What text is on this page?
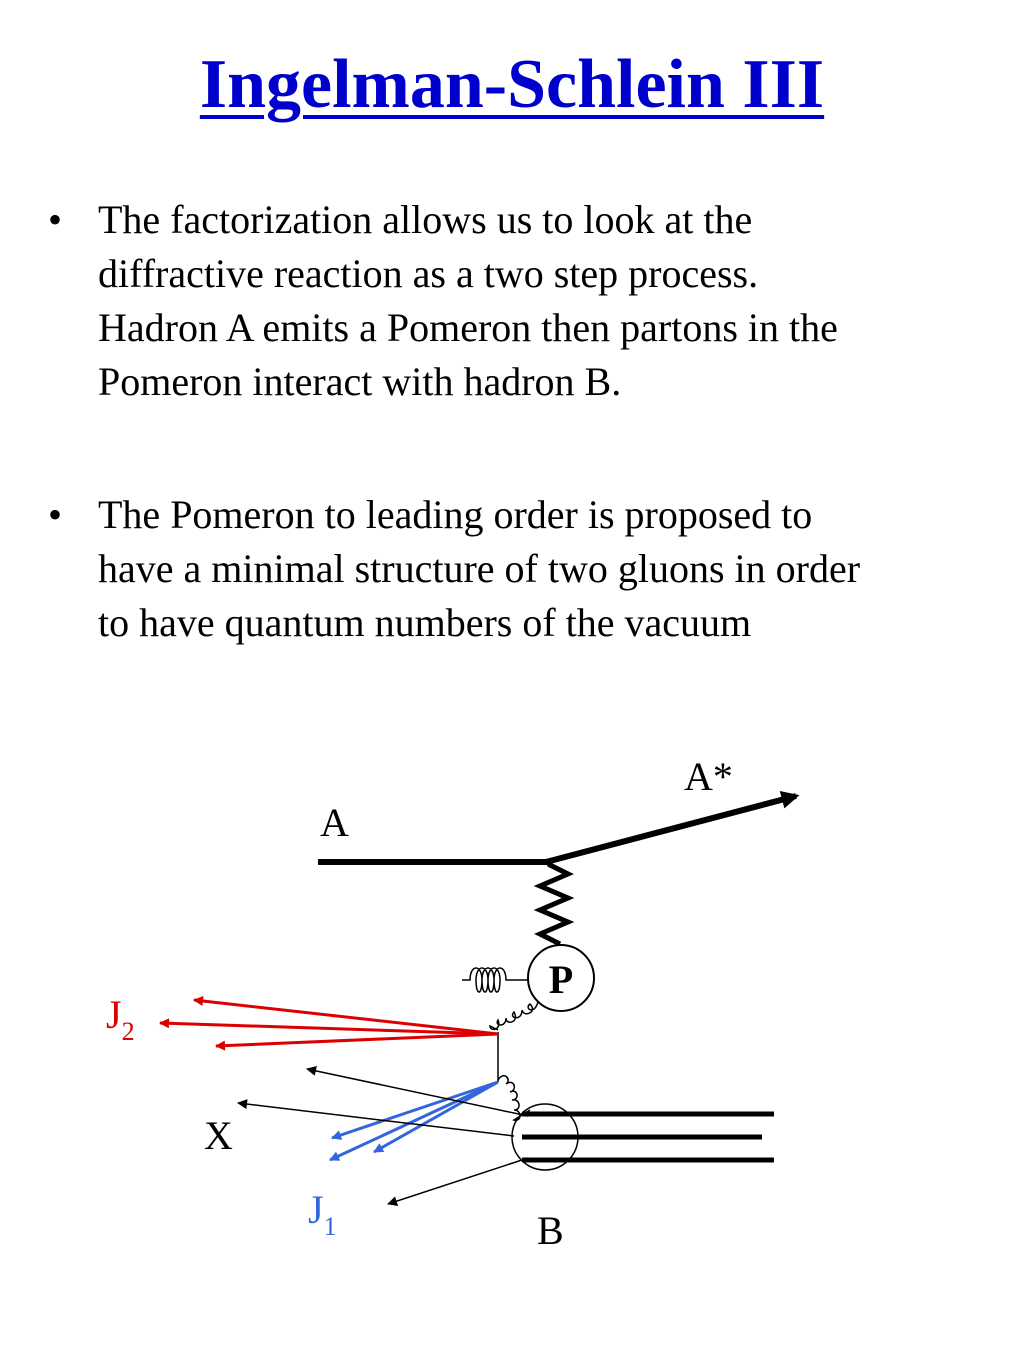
Ingelman-Schlein III
• The factorization allows us to look at the
diffractive reaction as a two step process.
Hadron A emits a Pomeron then partons in the
Pomeron interact with hadron B.
• The Pomeron to leading order is proposed to
have a minimal structure of two gluons in order
to have quantum numbers of the vacuum
A
A*
P
$J_2$
X
$J_1$	B
